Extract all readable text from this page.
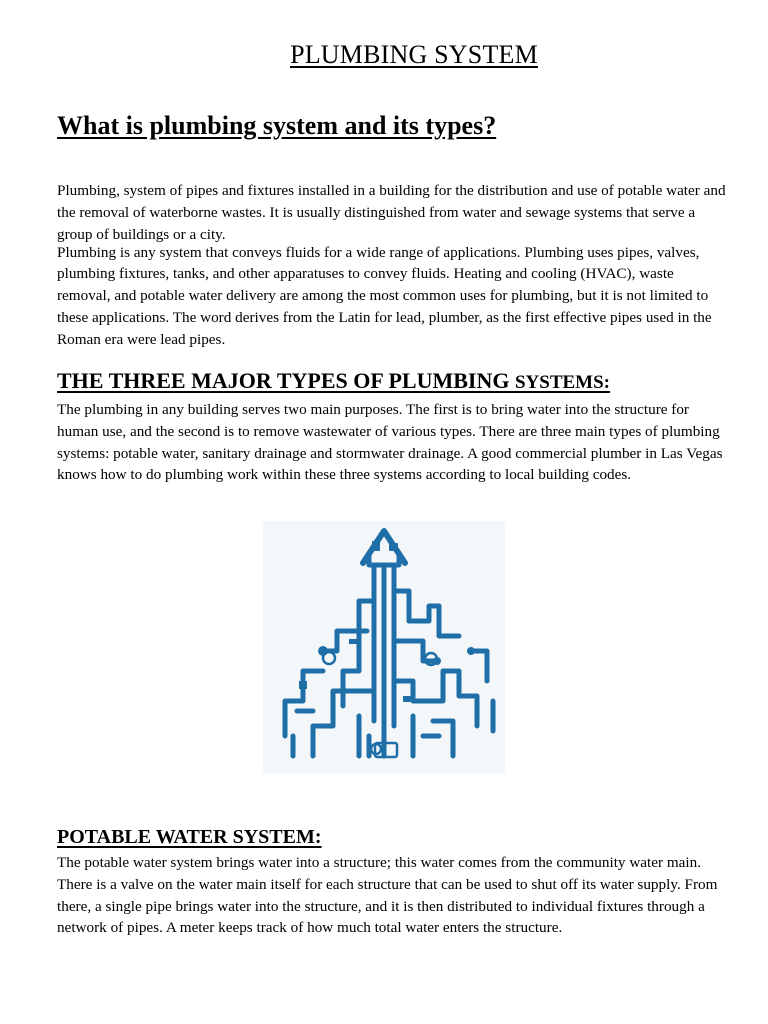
PLUMBING SYSTEM
What is plumbing system and its types?

Plumbing, system of pipes and fixtures installed in a building for the distribution and use of potable water and the removal of waterborne wastes. It is usually distinguished from water and sewage systems that serve a group of buildings or a city.

Plumbing is any system that conveys fluids for a wide range of applications. Plumbing uses pipes, valves, plumbing fixtures, tanks, and other apparatuses to convey fluids. Heating and cooling (HVAC), waste removal, and potable water delivery are among the most common uses for plumbing, but it is not limited to these applications. The word derives from the Latin for lead, plumber, as the first effective pipes used in the Roman era were lead pipes.

THE THREE MAJOR TYPES OF PLUMBING SYSTEMS:

The plumbing in any building serves two main purposes. The first is to bring water into the structure for human use, and the second is to remove wastewater of various types. There are three main types of plumbing systems: potable water, sanitary drainage and stormwater drainage. A good commercial plumber in Las Vegas knows how to do plumbing work within these three systems according to local building codes.

POTABLE WATER SYSTEM:

The potable water system brings water into a structure; this water comes from the community water main. There is a valve on the water main itself for each structure that can be used to shut off its water supply. From there, a single pipe brings water into the structure, and it is then distributed to individual fixtures through a network of pipes. A meter keeps track of how much total water enters the structure.
